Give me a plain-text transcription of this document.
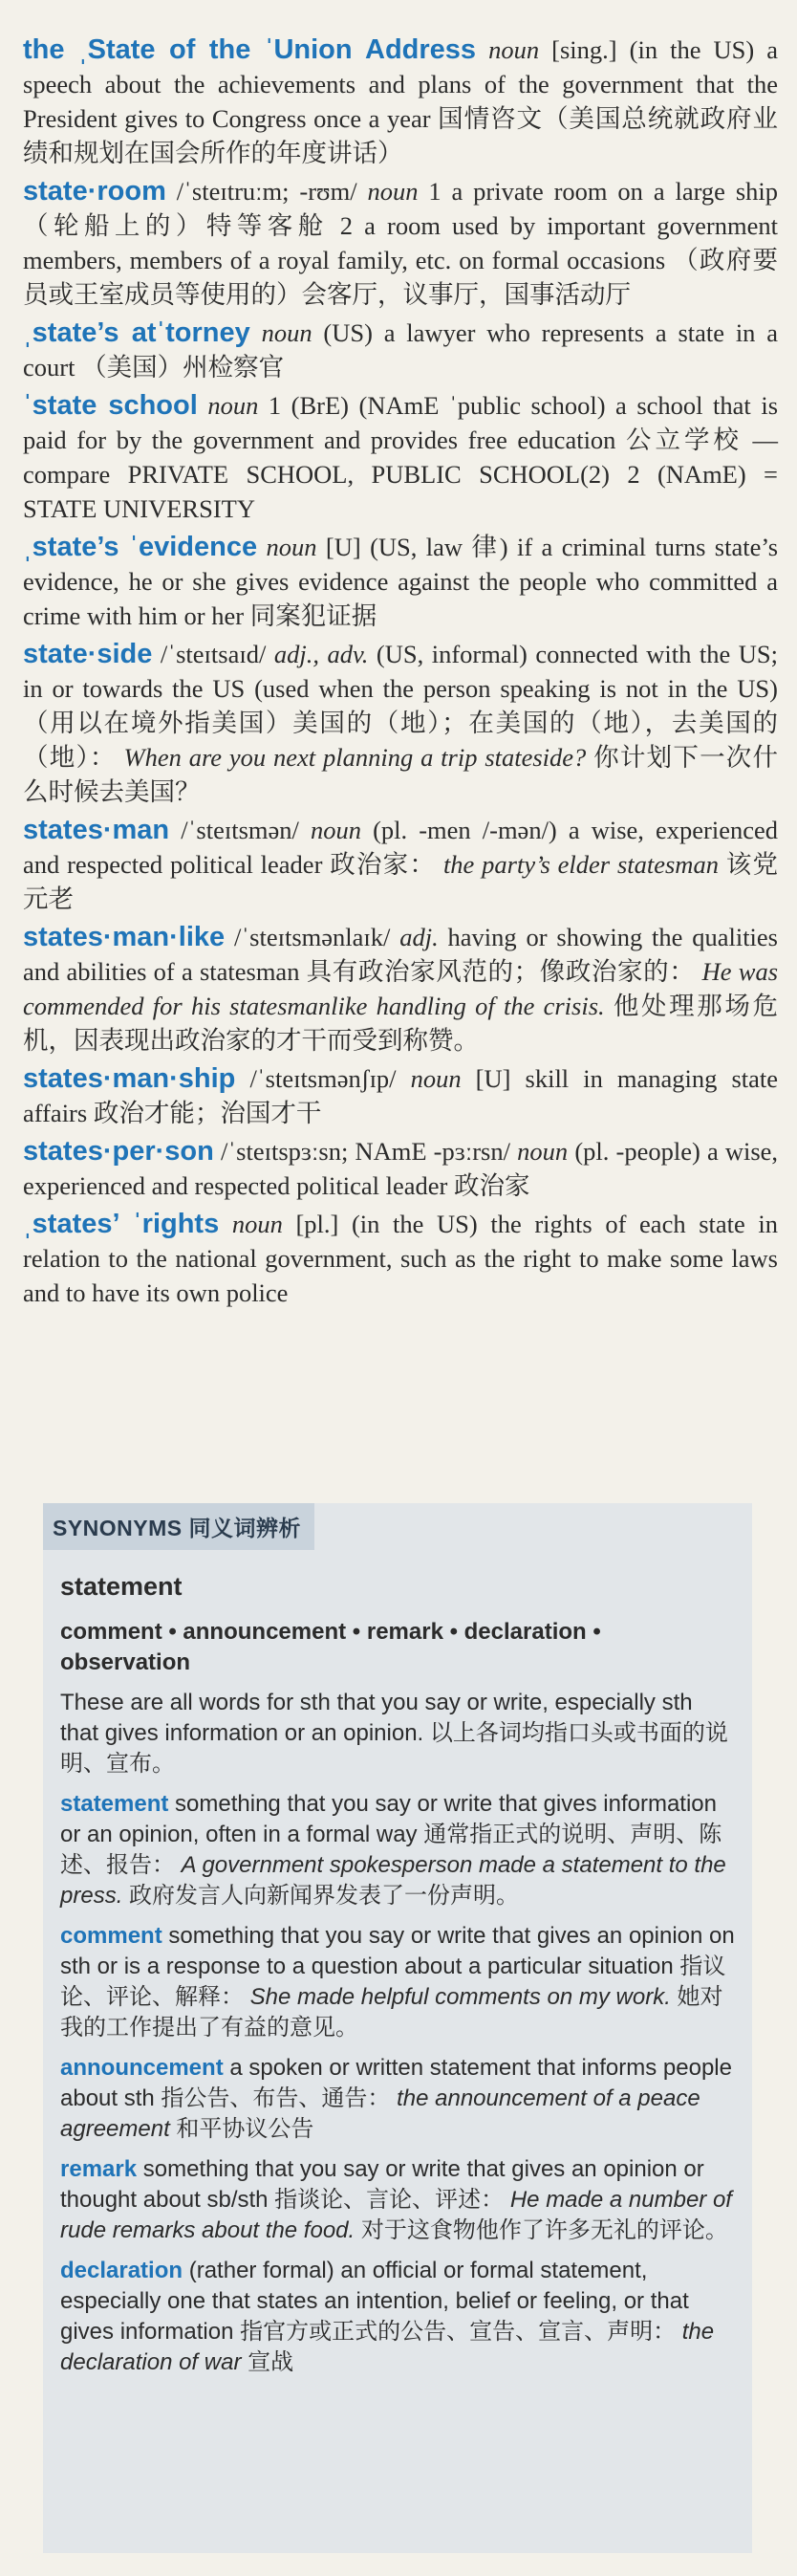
the ˌState of the ˈUnion Address noun [sing.] (in the US) a speech about the achievements and plans of the government that the President gives to Congress once a year 国情咨文（美国总统就政府业绩和规划在国会所作的年度讲话）

state·room /ˈsteɪtruːm; -rʊm/ noun 1 a private room on a large ship （轮船上的）特等客舱 2 a room used by important government members, members of a royal family, etc. on formal occasions （政府要员或王室成员等使用的）会客厅，议事厅，国事活动厅

ˌstate’s atˈtorney noun (US) a lawyer who represents a state in a court （美国）州检察官

ˈstate school noun 1 (BrE) (NAmE ˈpublic school) a school that is paid for by the government and provides free education 公立学校 — compare PRIVATE SCHOOL, PUBLIC SCHOOL(2) 2 (NAmE) = STATE UNIVERSITY

ˌstate’s ˈevidence noun [U] (US, law 律) if a criminal turns state’s evidence, he or she gives evidence against the people who committed a crime with him or her 同案犯证据

state·side /ˈsteɪtsaɪd/ adj., adv. (US, informal) connected with the US; in or towards the US (used when the person speaking is not in the US) （用以在境外指美国）美国的（地）；在美国的（地），去美国的（地）： When are you next planning a trip stateside? 你计划下一次什么时候去美国？

states·man /ˈsteɪtsmən/ noun (pl. -men /-mən/) a wise, experienced and respected political leader 政治家： the party’s elder statesman 该党元老

states·man·like /ˈsteɪtsmənlaɪk/ adj. having or showing the qualities and abilities of a statesman 具有政治家风范的；像政治家的： He was commended for his statesmanlike handling of the crisis. 他处理那场危机，因表现出政治家的才干而受到称赞。

states·man·ship /ˈsteɪtsmənʃɪp/ noun [U] skill in managing state affairs 政治才能；治国才干

states·per·son /ˈsteɪtspɜːsn; NAmE -pɜːrsn/ noun (pl. -people) a wise, experienced and respected political leader 政治家

ˌstates’ ˈrights noun [pl.] (in the US) the rights of each state in relation to the national government, such as the right to make some laws and to have its own police

SYNONYMS 同义词辨析
statement
comment • announcement • remark • declaration • observation
These are all words for sth that you say or write, especially sth that gives information or an opinion. 以上各词均指口头或书面的说明、宣布。
statement something that you say or write that gives information or an opinion, often in a formal way 通常指正式的说明、声明、陈述、报告： A government spokesperson made a statement to the press. 政府发言人向新闻界发表了一份声明。
comment something that you say or write that gives an opinion on sth or is a response to a question about a particular situation 指议论、评论、解释： She made helpful comments on my work. 她对我的工作提出了有益的意见。
announcement a spoken or written statement that informs people about sth 指公告、布告、通告： the announcement of a peace agreement 和平协议公告
remark something that you say or write that gives an opinion or thought about sb/sth 指谈论、言论、评述： He made a number of rude remarks about the food. 对于这食物他作了许多无礼的评论。
declaration (rather formal) an official or formal statement, especially one that states an intention, belief or feeling, or that gives information 指官方或正式的公告、宣告、宣言、声明： the declaration of war 宣战
